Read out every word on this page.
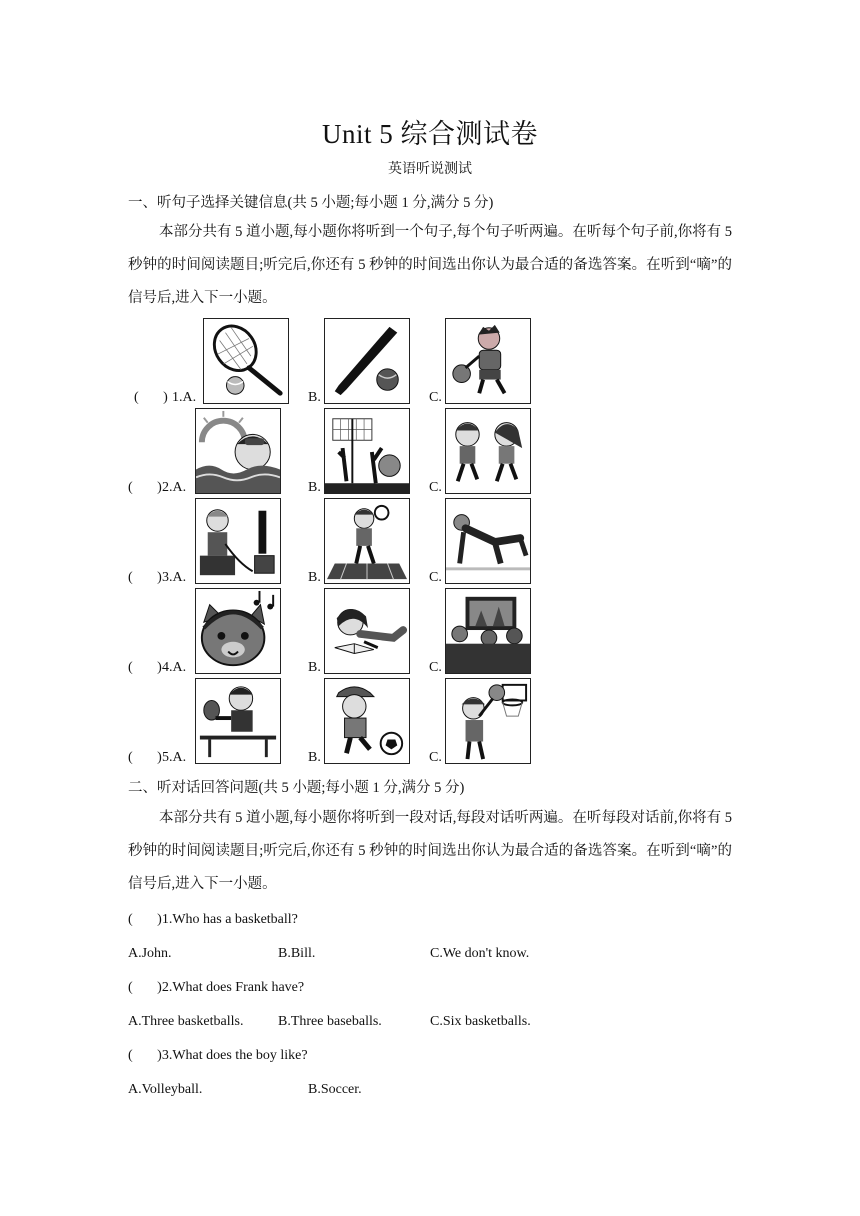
Unit 5 综合测试卷
英语听说测试
一、听句子选择关键信息(共 5 小题;每小题 1 分,满分 5 分)
本部分共有 5 道小题,每小题你将听到一个句子,每个句子听两遍。在听每个句子前,你将有 5 秒钟的时间阅读题目;听完后,你还有 5 秒钟的时间选出你认为最合适的备选答案。在听到“嘀”的信号后,进入下一小题。
(       ) 1.A.	B.	C.
(       ) 2.A.	B.	C.
(       ) 3.A.	B.	C.
(       ) 4.A.	B.	C.
(       ) 5.A.	B.	C.
二、听对话回答问题(共 5 小题;每小题 1 分,满分 5 分)
本部分共有 5 道小题,每小题你将听到一段对话,每段对话听两遍。在听每段对话前,你将有 5 秒钟的时间阅读题目;听完后,你还有 5 秒钟的时间选出你认为最合适的备选答案。在听到“嘀”的信号后,进入下一小题。
(       )1.Who has a basketball?
A.John.	B.Bill.	C.We don't know.
(       )2.What does Frank have?
A.Three basketballs. B.Three baseballs.	C.Six basketballs.
(       )3.What does the boy like?
A.Volleyball.	B.Soccer.
